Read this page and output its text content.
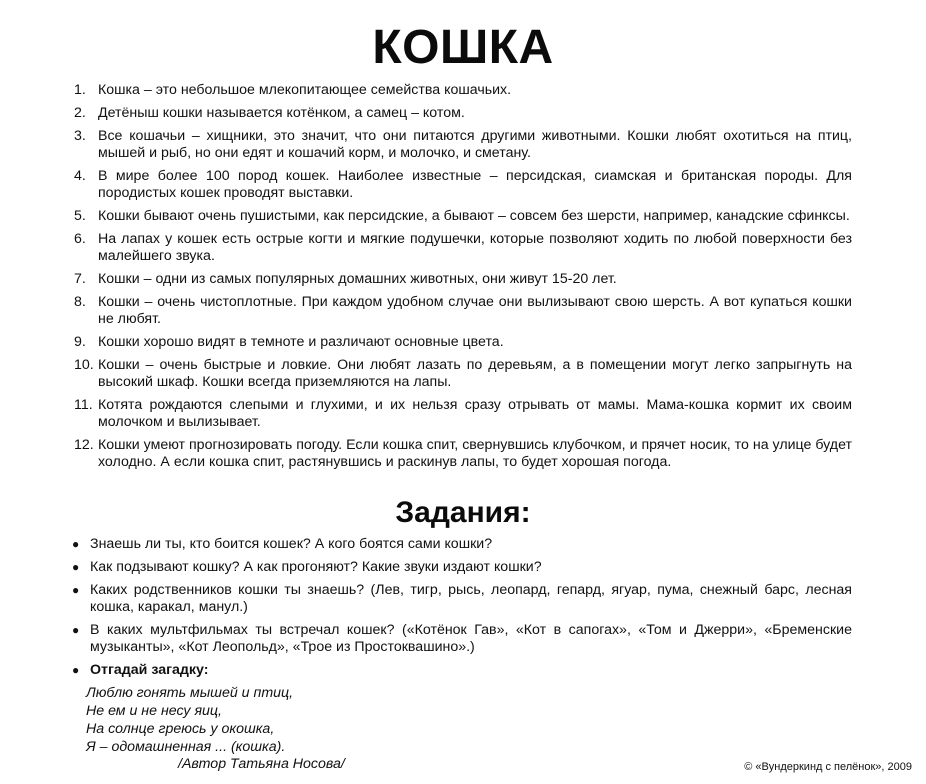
КОШКА
1. Кошка – это небольшое млекопитающее семейства кошачьих.
2. Детёныш кошки называется котёнком, а самец – котом.
3. Все кошачьи – хищники, это значит, что они питаются другими животными. Кошки любят охотиться на птиц, мышей и рыб, но они едят и кошачий корм, и молочко, и сметану.
4. В мире более 100 пород кошек. Наиболее известные – персидская, сиамская и британская породы. Для породистых кошек проводят выставки.
5. Кошки бывают очень пушистыми, как персидские, а бывают – совсем без шерсти, например, канадские сфинксы.
6. На лапах у кошек есть острые когти и мягкие подушечки, которые позволяют ходить по любой поверхности без малейшего звука.
7. Кошки – одни из самых популярных домашних животных, они живут 15-20 лет.
8. Кошки – очень чистоплотные. При каждом удобном случае они вылизывают свою шерсть. А вот купаться кошки не любят.
9. Кошки хорошо видят в темноте и различают основные цвета.
10. Кошки – очень быстрые и ловкие. Они любят лазать по деревьям, а в помещении могут легко запрыгнуть на высокий шкаф. Кошки всегда приземляются на лапы.
11. Котята рождаются слепыми и глухими, и их нельзя сразу отрывать от мамы. Мама-кошка кормит их своим молочком и вылизывает.
12. Кошки умеют прогнозировать погоду. Если кошка спит, свернувшись клубочком, и прячет носик, то на улице будет холодно. А если кошка спит, растянувшись и раскинув лапы, то будет хорошая погода.
Задания:
● Знаешь ли ты, кто боится кошек? А кого боятся сами кошки?
● Как подзывают кошку? А как прогоняют? Какие звуки издают кошки?
● Каких родственников кошки ты знаешь? (Лев, тигр, рысь, леопард, гепард, ягуар, пума, снежный барс, лесная кошка, каракал, манул.)
● В каких мультфильмах ты встречал кошек? («Котёнок Гав», «Кот в сапогах», «Том и Джерри», «Бременские музыканты», «Кот Леопольд», «Трое из Простоквашино».)
● Отгадай загадку:
Люблю гонять мышей и птиц,
Не ем и не несу яиц,
На солнце греюсь у окошка,
Я – одомашненная ... (кошка).
/Автор Татьяна Носова/	© «Вундеркинд с пелёнок», 2009
